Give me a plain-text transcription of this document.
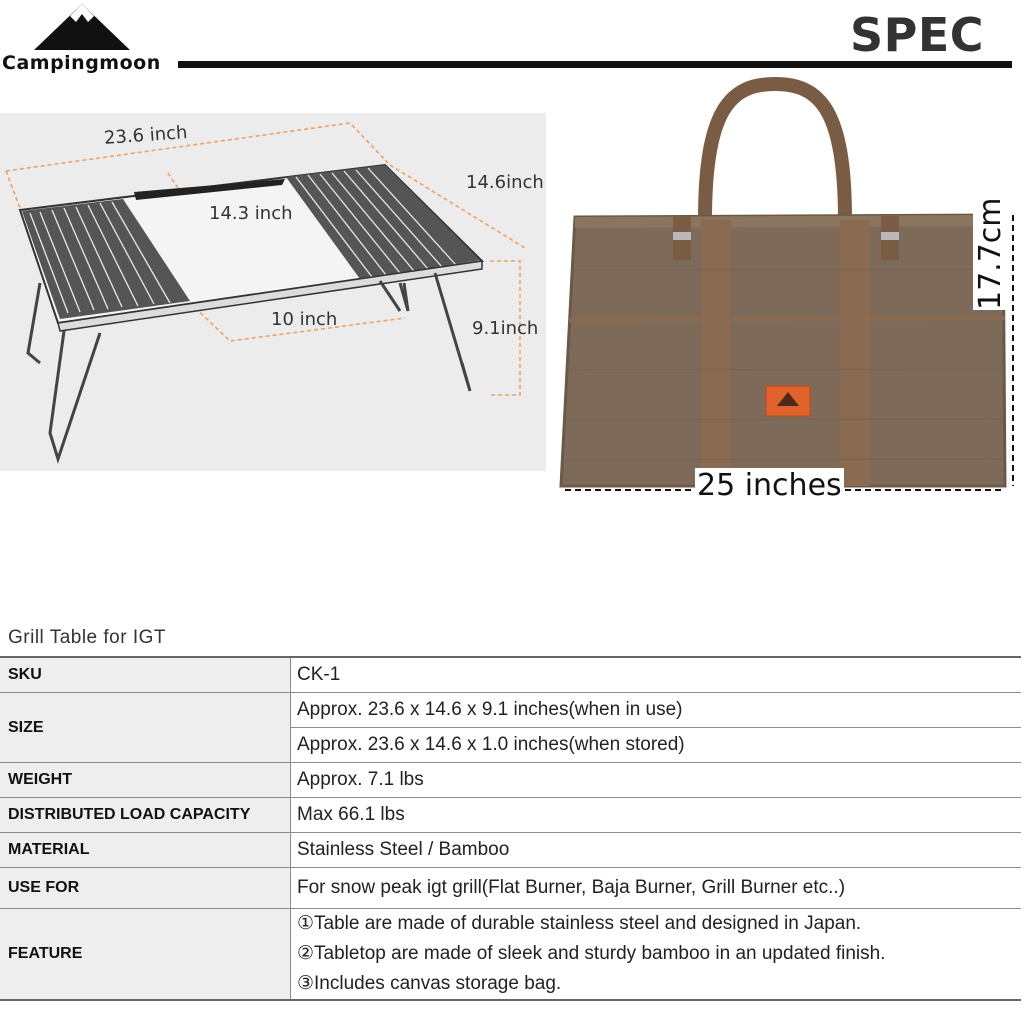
Campingmoon
SPEC
23.6 inch
14.6inch
14.3 inch
10 inch	9.1inch
25 inches
17.7cm
Grill Table for IGT
SKU	CK-1
SIZE	Approx. 23.6 x 14.6 x 9.1 inches(when in use)
	Approx. 23.6 x 14.6 x 1.0 inches(when stored)
WEIGHT	Approx. 7.1 lbs
DISTRIBUTED LOAD CAPACITY	Max 66.1 lbs
MATERIAL	Stainless Steel / Bamboo
USE FOR	For snow peak igt grill(Flat Burner, Baja Burner, Grill Burner etc..)
FEATURE	①Table are made of durable stainless steel and designed in Japan.
②Tabletop are made of sleek and sturdy bamboo in an updated finish.
③Includes canvas storage bag.
